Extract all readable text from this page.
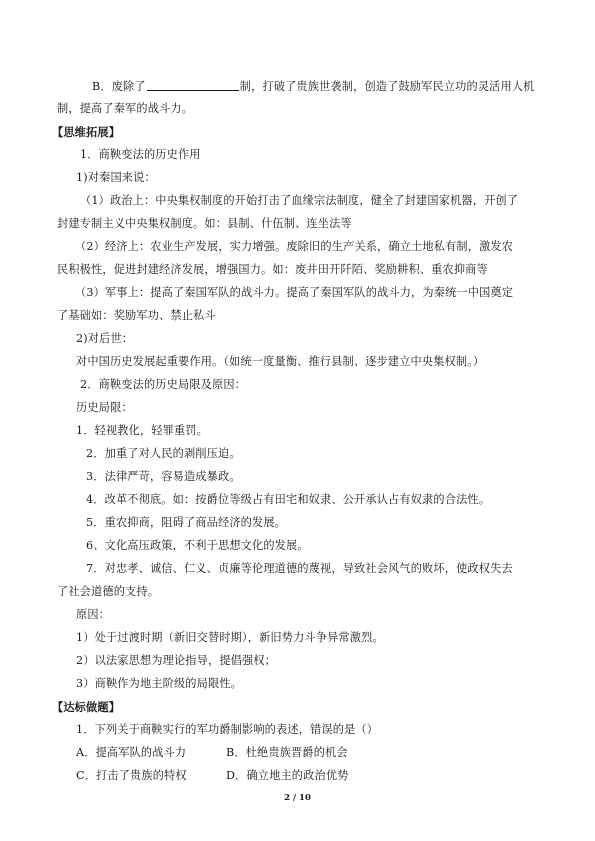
B．废除了	制，打破了贵族世袭制，创造了鼓励军民立功的灵活用人机
制，提高了秦军的战斗力。
【思维拓展】
1．商鞅变法的历史作用
1)对秦国来说：
（1）政治上：中央集权制度的开始打击了血缘宗法制度，健全了封建国家机器，开创了
封建专制主义中央集权制度。如：县制、什伍制、连坐法等
（2）经济上：农业生产发展，实力增强。废除旧的生产关系，确立土地私有制，激发农
民积极性，促进封建经济发展，增强国力。如：废井田开阡陌、奖励耕积、重农抑商等
（3）军事上：提高了秦国军队的战斗力。提高了秦国军队的战斗力，为秦统一中国奠定
了基础如：奖励军功、禁止私斗
2)对后世：
对中国历史发展起重要作用。（如统一度量衡、推行县制、逐步建立中央集权制。）
2．商鞅变法的历史局限及原因：
历史局限：
1．轻视教化，轻罪重罚。
2．加重了对人民的剥削压迫。
3．法律严苛，容易造成暴政。
4．改革不彻底。如：按爵位等级占有田宅和奴隶、公开承认占有奴隶的合法性。
5．重农抑商，阻碍了商品经济的发展。
6、文化高压政策，不利于思想文化的发展。
7．对忠孝、诚信、仁义、贞廉等伦理道德的蔑视，导致社会风气的败坏，使政权失去
了社会道德的支持。
原因：
1）处于过渡时期（新旧交替时期），新旧势力斗争异常激烈。
2）以法家思想为理论指导，提倡强权；
3）商鞅作为地主阶级的局限性。
【达标做题】
1．下列关于商鞅实行的军功爵制影响的表述，错误的是（）
A．提高军队的战斗力	B．杜绝贵族晋爵的机会
C．打击了贵族的特权	D．确立地主的政治优势
2 / 10
